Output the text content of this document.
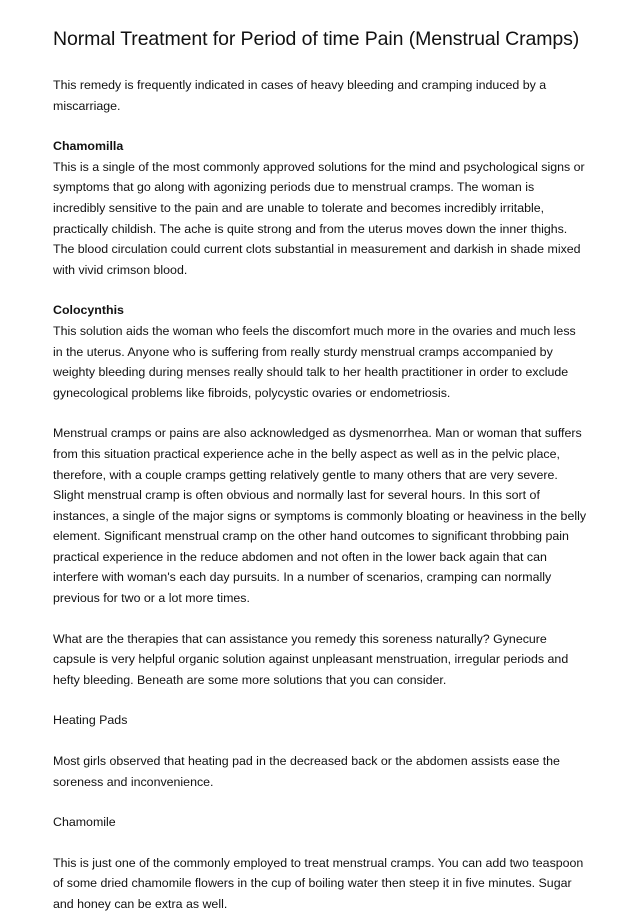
Normal Treatment for Period of time Pain (Menstrual Cramps)

This remedy is frequently indicated in cases of heavy bleeding and cramping induced by a miscarriage.

Chamomilla

This is a single of the most commonly approved solutions for the mind and psychological signs or symptoms that go along with agonizing periods due to menstrual cramps. The woman is incredibly sensitive to the pain and are unable to tolerate and becomes incredibly irritable, practically childish. The ache is quite strong and from the uterus moves down the inner thighs. The blood circulation could current clots substantial in measurement and darkish in shade mixed with vivid crimson blood.

Colocynthis

This solution aids the woman who feels the discomfort much more in the ovaries and much less in the uterus. Anyone who is suffering from really sturdy menstrual cramps accompanied by weighty bleeding during menses really should talk to her health practitioner in order to exclude gynecological problems like fibroids, polycystic ovaries or endometriosis.

Menstrual cramps or pains are also acknowledged as dysmenorrhea. Man or woman that suffers from this situation practical experience ache in the belly aspect as well as in the pelvic place, therefore, with a couple cramps getting relatively gentle to many others that are very severe. Slight menstrual cramp is often obvious and normally last for several hours. In this sort of instances, a single of the major signs or symptoms is commonly bloating or heaviness in the belly element. Significant menstrual cramp on the other hand outcomes to significant throbbing pain practical experience in the reduce abdomen and not often in the lower back again that can interfere with woman's each day pursuits. In a number of scenarios, cramping can normally previous for two or a lot more times.

What are the therapies that can assistance you remedy this soreness naturally? Gynecure capsule is very helpful organic solution against unpleasant menstruation, irregular periods and hefty bleeding. Beneath are some more solutions that you can consider.

Heating Pads

Most girls observed that heating pad in the decreased back or the abdomen assists ease the soreness and inconvenience.

Chamomile

This is just one of the commonly employed to treat menstrual cramps. You can add two teaspoon of some dried chamomile flowers in the cup of boiling water then steep it in five minutes. Sugar and honey can be extra as well.
